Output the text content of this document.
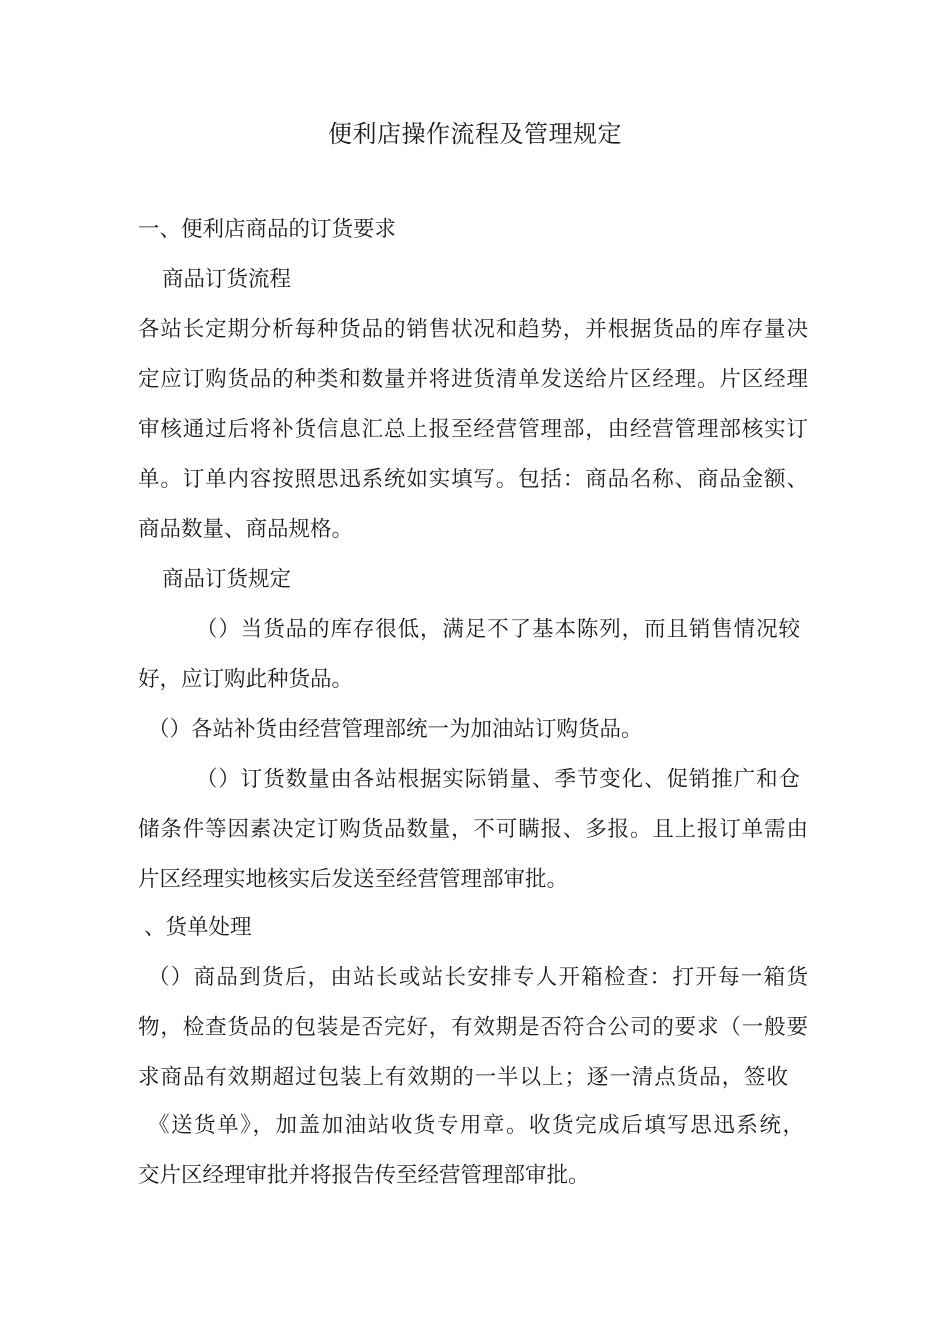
便利店操作流程及管理规定
一、便利店商品的订货要求
商品订货流程
各站长定期分析每种货品的销售状况和趋势，并根据货品的库存量决
定应订购货品的种类和数量并将进货清单发送给片区经理。片区经理
审核通过后将补货信息汇总上报至经营管理部，由经营管理部核实订
单。订单内容按照思迅系统如实填写。包括：商品名称、商品金额、
商品数量、商品规格。
商品订货规定
（）当货品的库存很低，满足不了基本陈列，而且销售情况较
好，应订购此种货品。
（）各站补货由经营管理部统一为加油站订购货品。
（）订货数量由各站根据实际销量、季节变化、促销推广和仓
储条件等因素决定订购货品数量，不可瞒报、多报。且上报订单需由
片区经理实地核实后发送至经营管理部审批。
、货单处理
（）商品到货后，由站长或站长安排专人开箱检查：打开每一箱货
物，检查货品的包装是否完好，有效期是否符合公司的要求（一般要
求商品有效期超过包装上有效期的一半以上；逐一清点货品，签收
《送货单》，加盖加油站收货专用章。收货完成后填写思迅系统，
交片区经理审批并将报告传至经营管理部审批。
